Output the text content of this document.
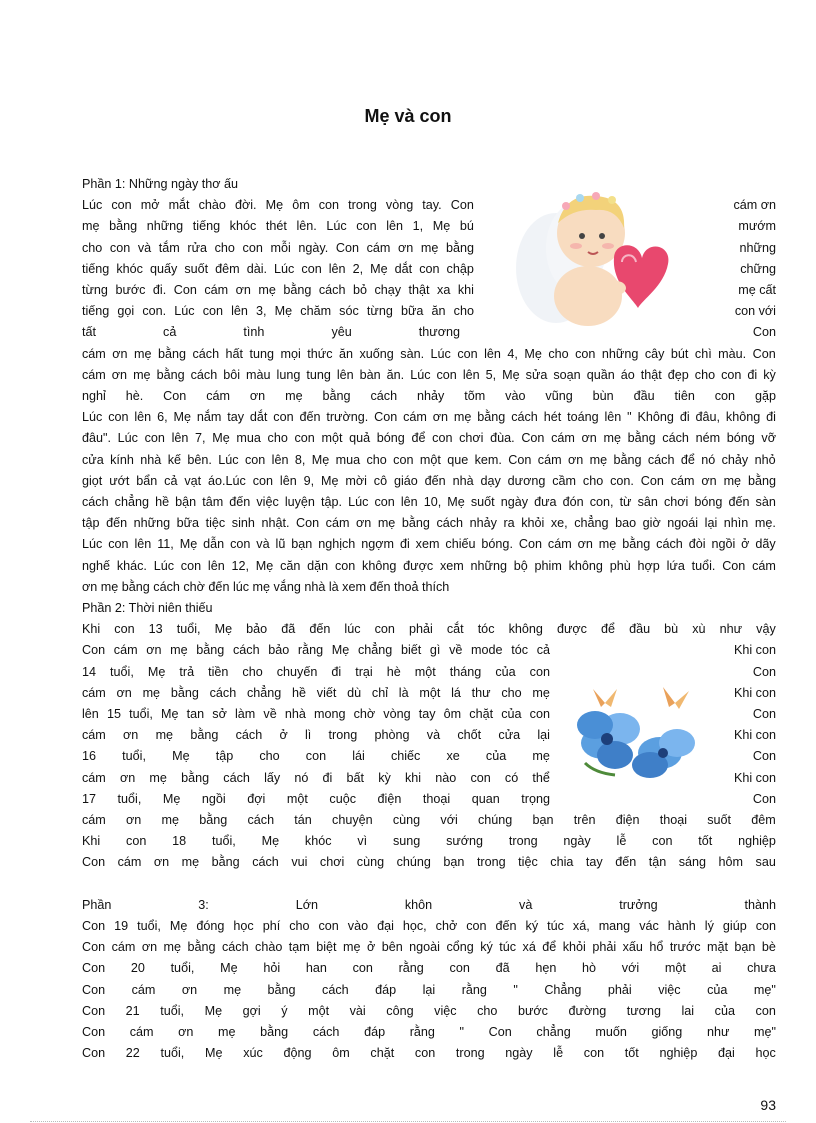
Mẹ và con
Phần 1: Những ngày thơ ấu
Lúc con mở mắt chào đời. Mẹ ôm con trong vòng tay. Con
mẹ bằng những tiếng khóc thét lên. Lúc con lên 1, Mẹ bú
cho con và tắm rửa cho con mỗi ngày. Con cám ơn mẹ bằng
tiếng khóc quấy suốt đêm dài. Lúc con lên 2, Mẹ dắt con chập
từng bước đi. Con cám ơn mẹ bằng cách bỏ chạy thật xa khi
tiếng gọi con. Lúc con lên 3, Mẹ chăm sóc từng bữa ăn cho
tất	cả	tình	yêu	thương
cám ơn
mướm
những
chững
mẹ cất
con với
Con
cám ơn mẹ bằng cách hất tung mọi thức ăn xuống sàn. Lúc con lên 4, Mẹ cho con những cây bút chì màu. Con
cám ơn mẹ bằng cách bôi màu lung tung lên bàn ăn. Lúc con lên 5, Mẹ sửa soạn quần áo thật đẹp cho con đi kỳ
nghỉ hè. Con cám ơn mẹ bằng cách nhảy tõm vào vũng bùn đầu tiên con gặp
Lúc con lên 6, Mẹ nắm tay dắt con đến trường. Con cám ơn mẹ bằng cách hét toáng lên " Không đi đâu, không đi
đâu". Lúc con lên 7, Mẹ mua cho con một quả bóng để con chơi đùa. Con cám ơn mẹ bằng cách ném bóng vỡ
cửa kính nhà kế bên. Lúc con lên 8, Mẹ mua cho con một que kem. Con cám ơn mẹ bằng cách để nó chảy nhỏ
giọt ướt bẩn cả vạt áo.Lúc con lên 9, Mẹ mời cô giáo đến nhà dạy dương cầm cho con. Con cám ơn mẹ bằng
cách chẳng hề bận tâm đến việc luyện tập. Lúc con lên 10, Mẹ suốt ngày đưa đón con, từ sân chơi bóng đến sàn
tập đến những bữa tiệc sinh nhật. Con cám ơn mẹ bằng cách nhảy ra khỏi xe, chẳng bao giờ ngoái lại nhìn mẹ.
Lúc con lên 11, Mẹ dẫn con và lũ bạn nghịch ngợm đi xem chiếu bóng. Con cám ơn mẹ bằng cách đòi ngồi ở dãy
nghế khác. Lúc con lên 12, Mẹ căn dặn con không được xem những bộ phim không phù hợp lứa tuổi. Con cám
ơn mẹ bằng cách chờ đến lúc mẹ vắng nhà là xem đến thoả thích
Phần 2: Thời niên thiếu
Khi con 13 tuổi, Mẹ bảo đã đến lúc con phải cắt tóc không được để đầu bù xù như vậy
Con cám ơn mẹ bằng cách bảo rằng Mẹ chẳng biết gì về mode tóc cả
14 tuổi, Mẹ trả tiền cho chuyến đi trại hè một tháng của con
cám ơn mẹ bằng cách chẳng hề viết dù chỉ là một lá thư cho mẹ
lên 15 tuổi, Mẹ tan sở làm về nhà mong chờ vòng tay ôm chặt của con
cám ơn mẹ bằng cách ở lì trong phòng và chốt cửa lại
16 tuổi, Mẹ tập cho con lái chiếc xe của mẹ
cám ơn mẹ bằng cách lấy nó đi bất kỳ khi nào con có thể
17 tuổi, Mẹ ngồi đợi một cuộc điện thoại quan trọng
Khi con
Con
Khi con
Con
Khi con
Con
Khi con
Con
cám ơn mẹ bằng cách tán chuyện cùng với chúng bạn trên điện thoại suốt đêm
Khi con 18 tuổi, Mẹ khóc vì sung sướng trong ngày lễ con tốt nghiệp
Con cám ơn mẹ bằng cách vui chơi cùng chúng bạn trong tiệc chia tay đến tận sáng hôm sau
Phần	3:	Lớn	khôn	và	trưởng	thành
Con 19 tuổi, Mẹ đóng học phí cho con vào đại học, chở con đến ký túc xá, mang vác hành lý giúp con
Con cám ơn mẹ bằng cách chào tạm biệt mẹ ở bên ngoài cổng ký túc xá để khỏi phải xấu hổ trước mặt bạn bè
Con 20 tuổi, Mẹ hỏi han con rằng con đã hẹn hò với một ai chưa
Con cám ơn mẹ bằng cách đáp lại rằng " Chẳng phải việc của mẹ"
Con 21 tuổi, Mẹ gợi ý một vài công việc cho bước đường tương lai của con
Con cám ơn mẹ bằng cách đáp rằng " Con chẳng muốn giống như mẹ"
Con 22 tuổi, Mẹ xúc động ôm chặt con trong ngày lễ con tốt nghiệp đại học
93
